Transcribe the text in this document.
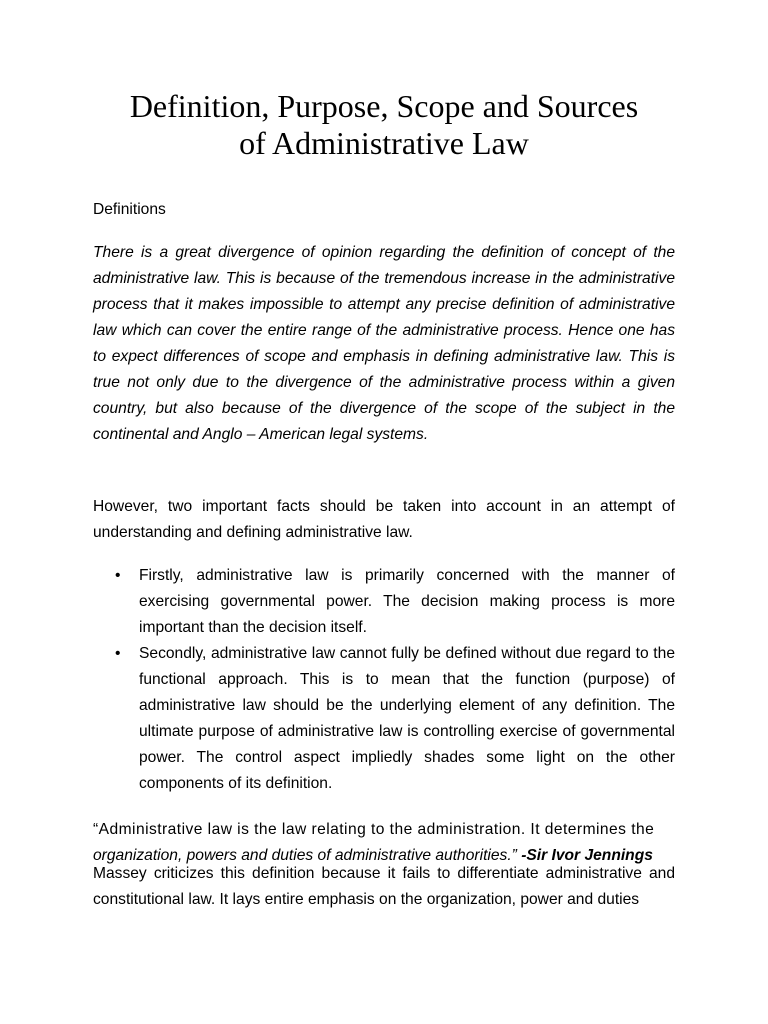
Definition, Purpose, Scope and Sources
of Administrative Law
Definitions

There is a great divergence of opinion regarding the definition of concept of the administrative law. This is because of the tremendous increase in the administrative process that it makes impossible to attempt any precise definition of administrative law which can cover the entire range of the administrative process. Hence one has to expect differences of scope and emphasis in defining administrative law. This is true not only due to the divergence of the administrative process within a given country, but also because of the divergence of the scope of the subject in the continental and Anglo – American legal systems.

However, two important facts should be taken into account in an attempt of understanding and defining administrative law.

• Firstly, administrative law is primarily concerned with the manner of exercising governmental power. The decision making process is more important than the decision itself.
• Secondly, administrative law cannot fully be defined without due regard to the functional approach. This is to mean that the function (purpose) of administrative law should be the underlying element of any definition. The ultimate purpose of administrative law is controlling exercise of governmental power. The control aspect impliedly shades some light on the other components of its definition.

“Administrative law is the law relating to the administration. It determines the
organization, powers and duties of administrative authorities.” -Sir Ivor Jennings

Massey criticizes this definition because it fails to differentiate administrative and constitutional law. It lays entire emphasis on the organization, power and duties
